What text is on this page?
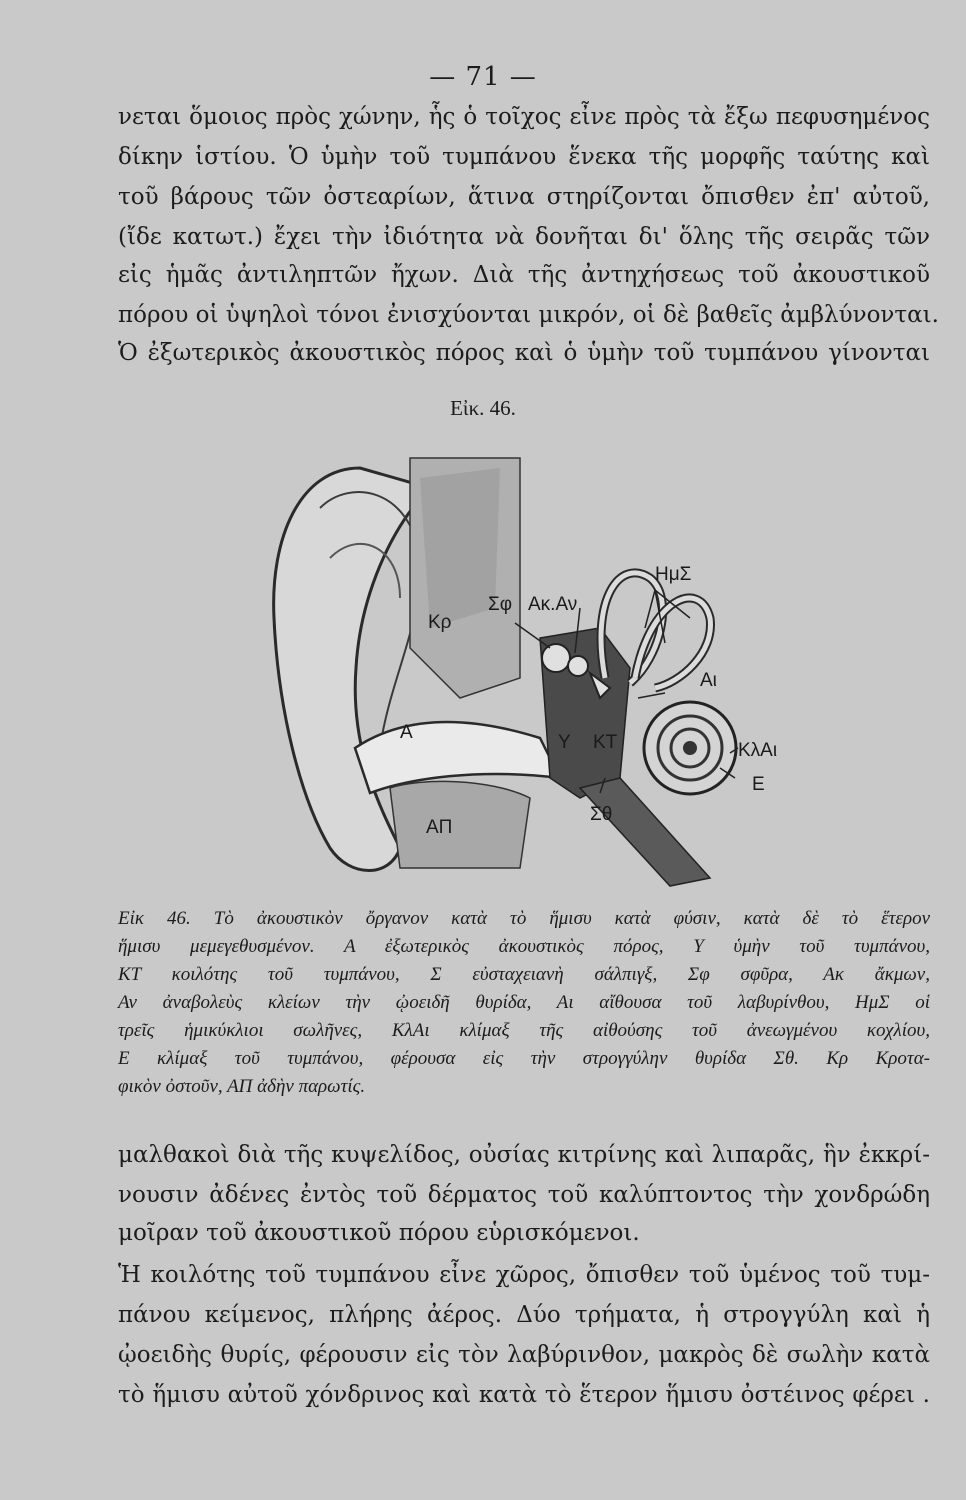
— 71 —
νεται ὅμοιος πρὸς χώνην, ἧς ὁ τοῖχος εἶνε πρὸς τὰ ἔξω πεφυσημένος
δίκην ἱστίου. Ὁ ὑμὴν τοῦ τυμπάνου ἕνεκα τῆς μορφῆς ταύτης καὶ
τοῦ βάρους τῶν ὀστεαρίων, ἅτινα στηρίζονται ὄπισθεν ἐπ' αὐτοῦ,
(ἴδε κατωτ.) ἔχει τὴν ἰδιότητα νὰ δονῆται δι' ὅλης τῆς σειρᾶς τῶν
εἰς ἡμᾶς ἀντιληπτῶν ἤχων. Διὰ τῆς ἀντηχήσεως τοῦ ἀκουστικοῦ
πόρου οἱ ὑψηλοὶ τόνοι ἐνισχύονται μικρόν, οἱ δὲ βαθεῖς ἀμβλύνονται.
Ὁ ἐξωτερικὸς ἀκουστικὸς πόρος καὶ ὁ ὑμὴν τοῦ τυμπάνου γίνονται
Εἰκ. 46.
ΗμΣ
Σφ Ακ.Αν
Κρ
Αι
Α	Υ ΚΤ	ΚλΑι
Ε
Σθ
ΑΠ
Εἰκ 46. Τὸ ἀκουστικὸν ὄργανον κατὰ τὸ ἥμισυ κατὰ φύσιν, κατὰ δὲ τὸ ἕτερον
ἥμισυ μεμεγεθυσμένον. Α ἐξωτερικὸς ἀκουστικὸς πόρος, Υ ὑμὴν τοῦ τυμπάνου,
ΚΤ κοιλότης τοῦ τυμπάνου, Σ εὐσταχειανὴ σάλπιγξ, Σφ σφῦρα, Ακ ἄκμων,
Αν ἀναβολεὺς κλείων τὴν ᾠοειδῆ θυρίδα, Αι αἴθουσα τοῦ λαβυρίνθου, ΗμΣ οἱ
τρεῖς ἡμικύκλιοι σωλῆνες, ΚλΑι κλίμαξ τῆς αἰθούσης τοῦ ἀνεωγμένου κοχλίου,
Ε κλίμαξ τοῦ τυμπάνου, φέρουσα εἰς τὴν στρογγύλην θυρίδα Σθ. Κρ Κροτα-
φικὸν ὀστοῦν, ΑΠ ἀδὴν παρωτίς.
μαλθακοὶ διὰ τῆς κυψελίδος, οὐσίας κιτρίνης καὶ λιπαρᾶς, ἣν ἐκκρί-
νουσιν ἀδένες ἐντὸς τοῦ δέρματος τοῦ καλύπτοντος τὴν χονδρώδη
μοῖραν τοῦ ἀκουστικοῦ πόρου εὑρισκόμενοι.
Ἡ κοιλότης τοῦ τυμπάνου εἶνε χῶρος, ὄπισθεν τοῦ ὑμένος τοῦ τυμ-
πάνου κείμενος, πλήρης ἀέρος. Δύο τρήματα, ἡ στρογγύλη καὶ ἡ
ᾠοειδὴς θυρίς, φέρουσιν εἰς τὸν λαβύρινθον, μακρὸς δὲ σωλὴν κατὰ
τὸ ἥμισυ αὐτοῦ χόνδρινος καὶ κατὰ τὸ ἕτερον ἥμισυ ὀστέινος φέρει .
